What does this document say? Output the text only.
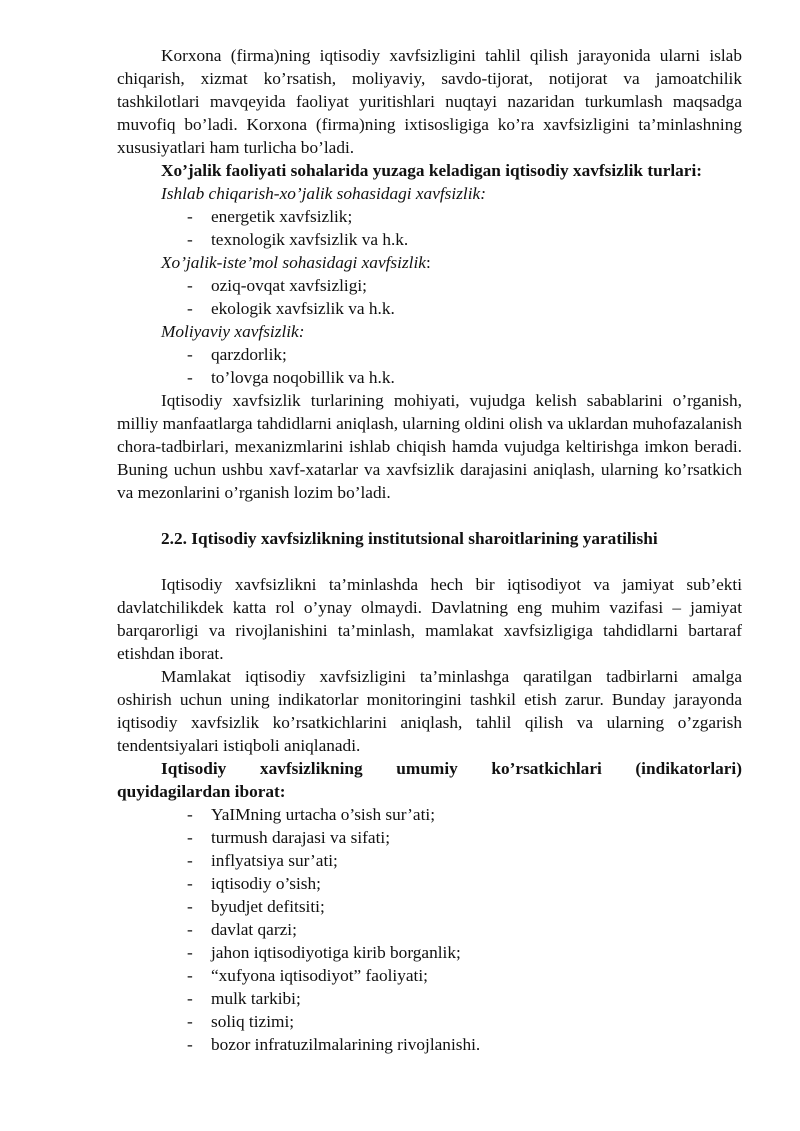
Korxona (firma)ning iqtisodiy xavfsizligini tahlil qilish jarayonida ularni islab chiqarish, xizmat ko’rsatish, moliyaviy, savdo-tijorat, notijorat va jamoatchilik tashkilotlari mavqeyida faoliyat yuritishlari nuqtayi nazaridan turkumlash maqsadga muvofiq bo’ladi. Korxona (firma)ning ixtisosligiga ko’ra xavfsizligini ta’minlashning xususiyatlari ham turlicha bo’ladi.

Xo’jalik faoliyati sohalarida yuzaga keladigan iqtisodiy xavfsizlik turlari:

Ishlab chiqarish-xo’jalik sohasidagi xavfsizlik:

-	energetik xavfsizlik;
-	texnologik xavfsizlik va h.k.

Xo’jalik-iste’mol sohasidagi xavfsizlik:

-	oziq-ovqat xavfsizligi;
-	ekologik xavfsizlik va h.k.

Moliyaviy xavfsizlik:

-	qarzdorlik;
-	to’lovga noqobillik va h.k.

Iqtisodiy xavfsizlik turlarining mohiyati, vujudga kelish sabablarini o’rganish, milliy manfaatlarga tahdidlarni aniqlash, ularning oldini olish va uklardan muhofazalanish chora-tadbirlari, mexanizmlarini ishlab chiqish hamda vujudga keltirishga imkon beradi. Buning uchun ushbu xavf-xatarlar va xavfsizlik darajasini aniqlash, ularning ko’rsatkich va mezonlarini o’rganish lozim bo’ladi.

2.2. Iqtisodiy xavfsizlikning institutsional sharoitlarining yaratilishi

Iqtisodiy xavfsizlikni ta’minlashda hech bir iqtisodiyot va jamiyat sub’ekti davlatchilikdek katta rol o’ynay olmaydi. Davlatning eng muhim vazifasi – jamiyat barqarorligi va rivojlanishini ta’minlash, mamlakat xavfsizligiga tahdidlarni bartaraf etishdan iborat.

Mamlakat iqtisodiy xavfsizligini ta’minlashga qaratilgan tadbirlarni amalga oshirish uchun uning indikatorlar monitoringini tashkil etish zarur. Bunday jarayonda iqtisodiy xavfsizlik ko’rsatkichlarini aniqlash, tahlil qilish va ularning o’zgarish tendentsiyalari istiqboli aniqlanadi.

Iqtisodiy xavfsizlikning umumiy ko’rsatkichlari (indikatorlari) quyidagilardan iborat:

-	YaIMning urtacha o’sish sur’ati;
-	turmush darajasi va sifati;
-	inflyatsiya sur’ati;
-	iqtisodiy o’sish;
-	byudjet defitsiti;
-	davlat qarzi;
-	jahon iqtisodiyotiga kirib borganlik;
-	“xufyona iqtisodiyot” faoliyati;
-	mulk tarkibi;
-	soliq tizimi;
-	bozor infratuzilmalarining rivojlanishi.
